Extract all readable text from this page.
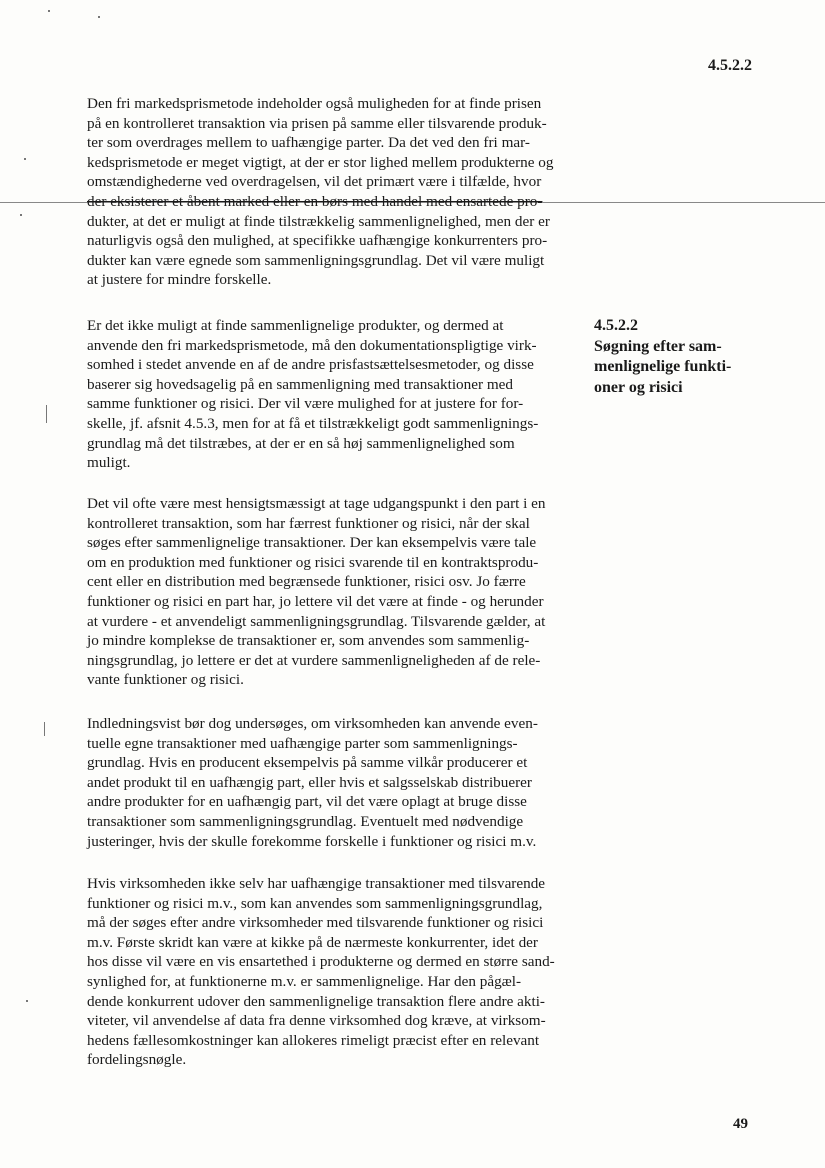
4.5.2.2
Den fri markedsprismetode indeholder også muligheden for at finde prisen
på en kontrolleret transaktion via prisen på samme eller tilsvarende produk-
ter som overdrages mellem to uafhængige parter. Da det ved den fri mar-
kedsprismetode er meget vigtigt, at der er stor lighed mellem produkterne og
omstændighederne ved overdragelsen, vil det primært være i tilfælde, hvor
der eksisterer et åbent marked eller en børs med handel med ensartede pro-
dukter, at det er muligt at finde tilstrækkelig sammenlignelighed, men der er
naturligvis også den mulighed, at specifikke uafhængige konkurrenters pro-
dukter kan være egnede som sammenligningsgrundlag. Det vil være muligt
at justere for mindre forskelle.
Er det ikke muligt at finde sammenlignelige produkter, og dermed at
anvende den fri markedsprismetode, må den dokumentationspligtige virk-
somhed i stedet anvende en af de andre prisfastsættelsesmetoder, og disse
baserer sig hovedsagelig på en sammenligning med transaktioner med
samme funktioner og risici. Der vil være mulighed for at justere for for-
skelle, jf. afsnit 4.5.3, men for at få et tilstrækkeligt godt sammenlignings-
grundlag må det tilstræbes, at der er en så høj sammenlignelighed som
muligt.
4.5.2.2
Søgning efter sam-
menlignelige funkti-
oner og risici
Det vil ofte være mest hensigtsmæssigt at tage udgangspunkt i den part i en
kontrolleret transaktion, som har færrest funktioner og risici, når der skal
søges efter sammenlignelige transaktioner. Der kan eksempelvis være tale
om en produktion med funktioner og risici svarende til en kontraktsprodu-
cent eller en distribution med begrænsede funktioner, risici osv. Jo færre
funktioner og risici en part har, jo lettere vil det være at finde - og herunder
at vurdere - et anvendeligt sammenligningsgrundlag. Tilsvarende gælder, at
jo mindre komplekse de transaktioner er, som anvendes som sammenlig-
ningsgrundlag, jo lettere er det at vurdere sammenligneligheden af de rele-
vante funktioner og risici.
Indledningsvist bør dog undersøges, om virksomheden kan anvende even-
tuelle egne transaktioner med uafhængige parter som sammenlignings-
grundlag. Hvis en producent eksempelvis på samme vilkår producerer et
andet produkt til en uafhængig part, eller hvis et salgsselskab distribuerer
andre produkter for en uafhængig part, vil det være oplagt at bruge disse
transaktioner som sammenligningsgrundlag. Eventuelt med nødvendige
justeringer, hvis der skulle forekomme forskelle i funktioner og risici m.v.
Hvis virksomheden ikke selv har uafhængige transaktioner med tilsvarende
funktioner og risici m.v., som kan anvendes som sammenligningsgrundlag,
må der søges efter andre virksomheder med tilsvarende funktioner og risici
m.v. Første skridt kan være at kikke på de nærmeste konkurrenter, idet der
hos disse vil være en vis ensartethed i produkterne og dermed en større sand-
synlighed for, at funktionerne m.v. er sammenlignelige. Har den pågæl-
dende konkurrent udover den sammenlignelige transaktion flere andre akti-
viteter, vil anvendelse af data fra denne virksomhed dog kræve, at virksom-
hedens fællesomkostninger kan allokeres rimeligt præcist efter en relevant
fordelingsnøgle.
49
